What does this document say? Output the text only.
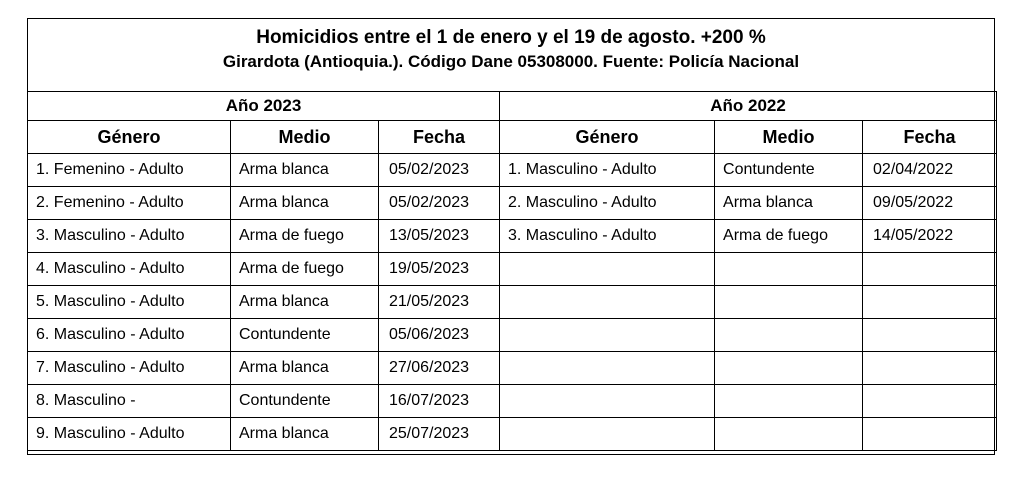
Homicidios entre el 1 de enero y el 19 de agosto. +200 %
Girardota (Antioquia.). Código Dane 05308000. Fuente: Policía Nacional
Año 2023			Año 2022		
Género	Medio	Fecha	Género	Medio	Fecha
1. Femenino - Adulto	Arma blanca	05/02/2023	1. Masculino - Adulto	Contundente	02/04/2022
2. Femenino - Adulto	Arma blanca	05/02/2023	2. Masculino - Adulto	Arma blanca	09/05/2022
3. Masculino - Adulto	Arma de fuego	13/05/2023	3. Masculino - Adulto	Arma de fuego	14/05/2022
4. Masculino - Adulto	Arma de fuego	19/05/2023			
5. Masculino - Adulto	Arma blanca	21/05/2023			
6. Masculino - Adulto	Contundente	05/06/2023			
7. Masculino - Adulto	Arma blanca	27/06/2023			
8. Masculino -	Contundente	16/07/2023			
9. Masculino - Adulto	Arma blanca	25/07/2023			
